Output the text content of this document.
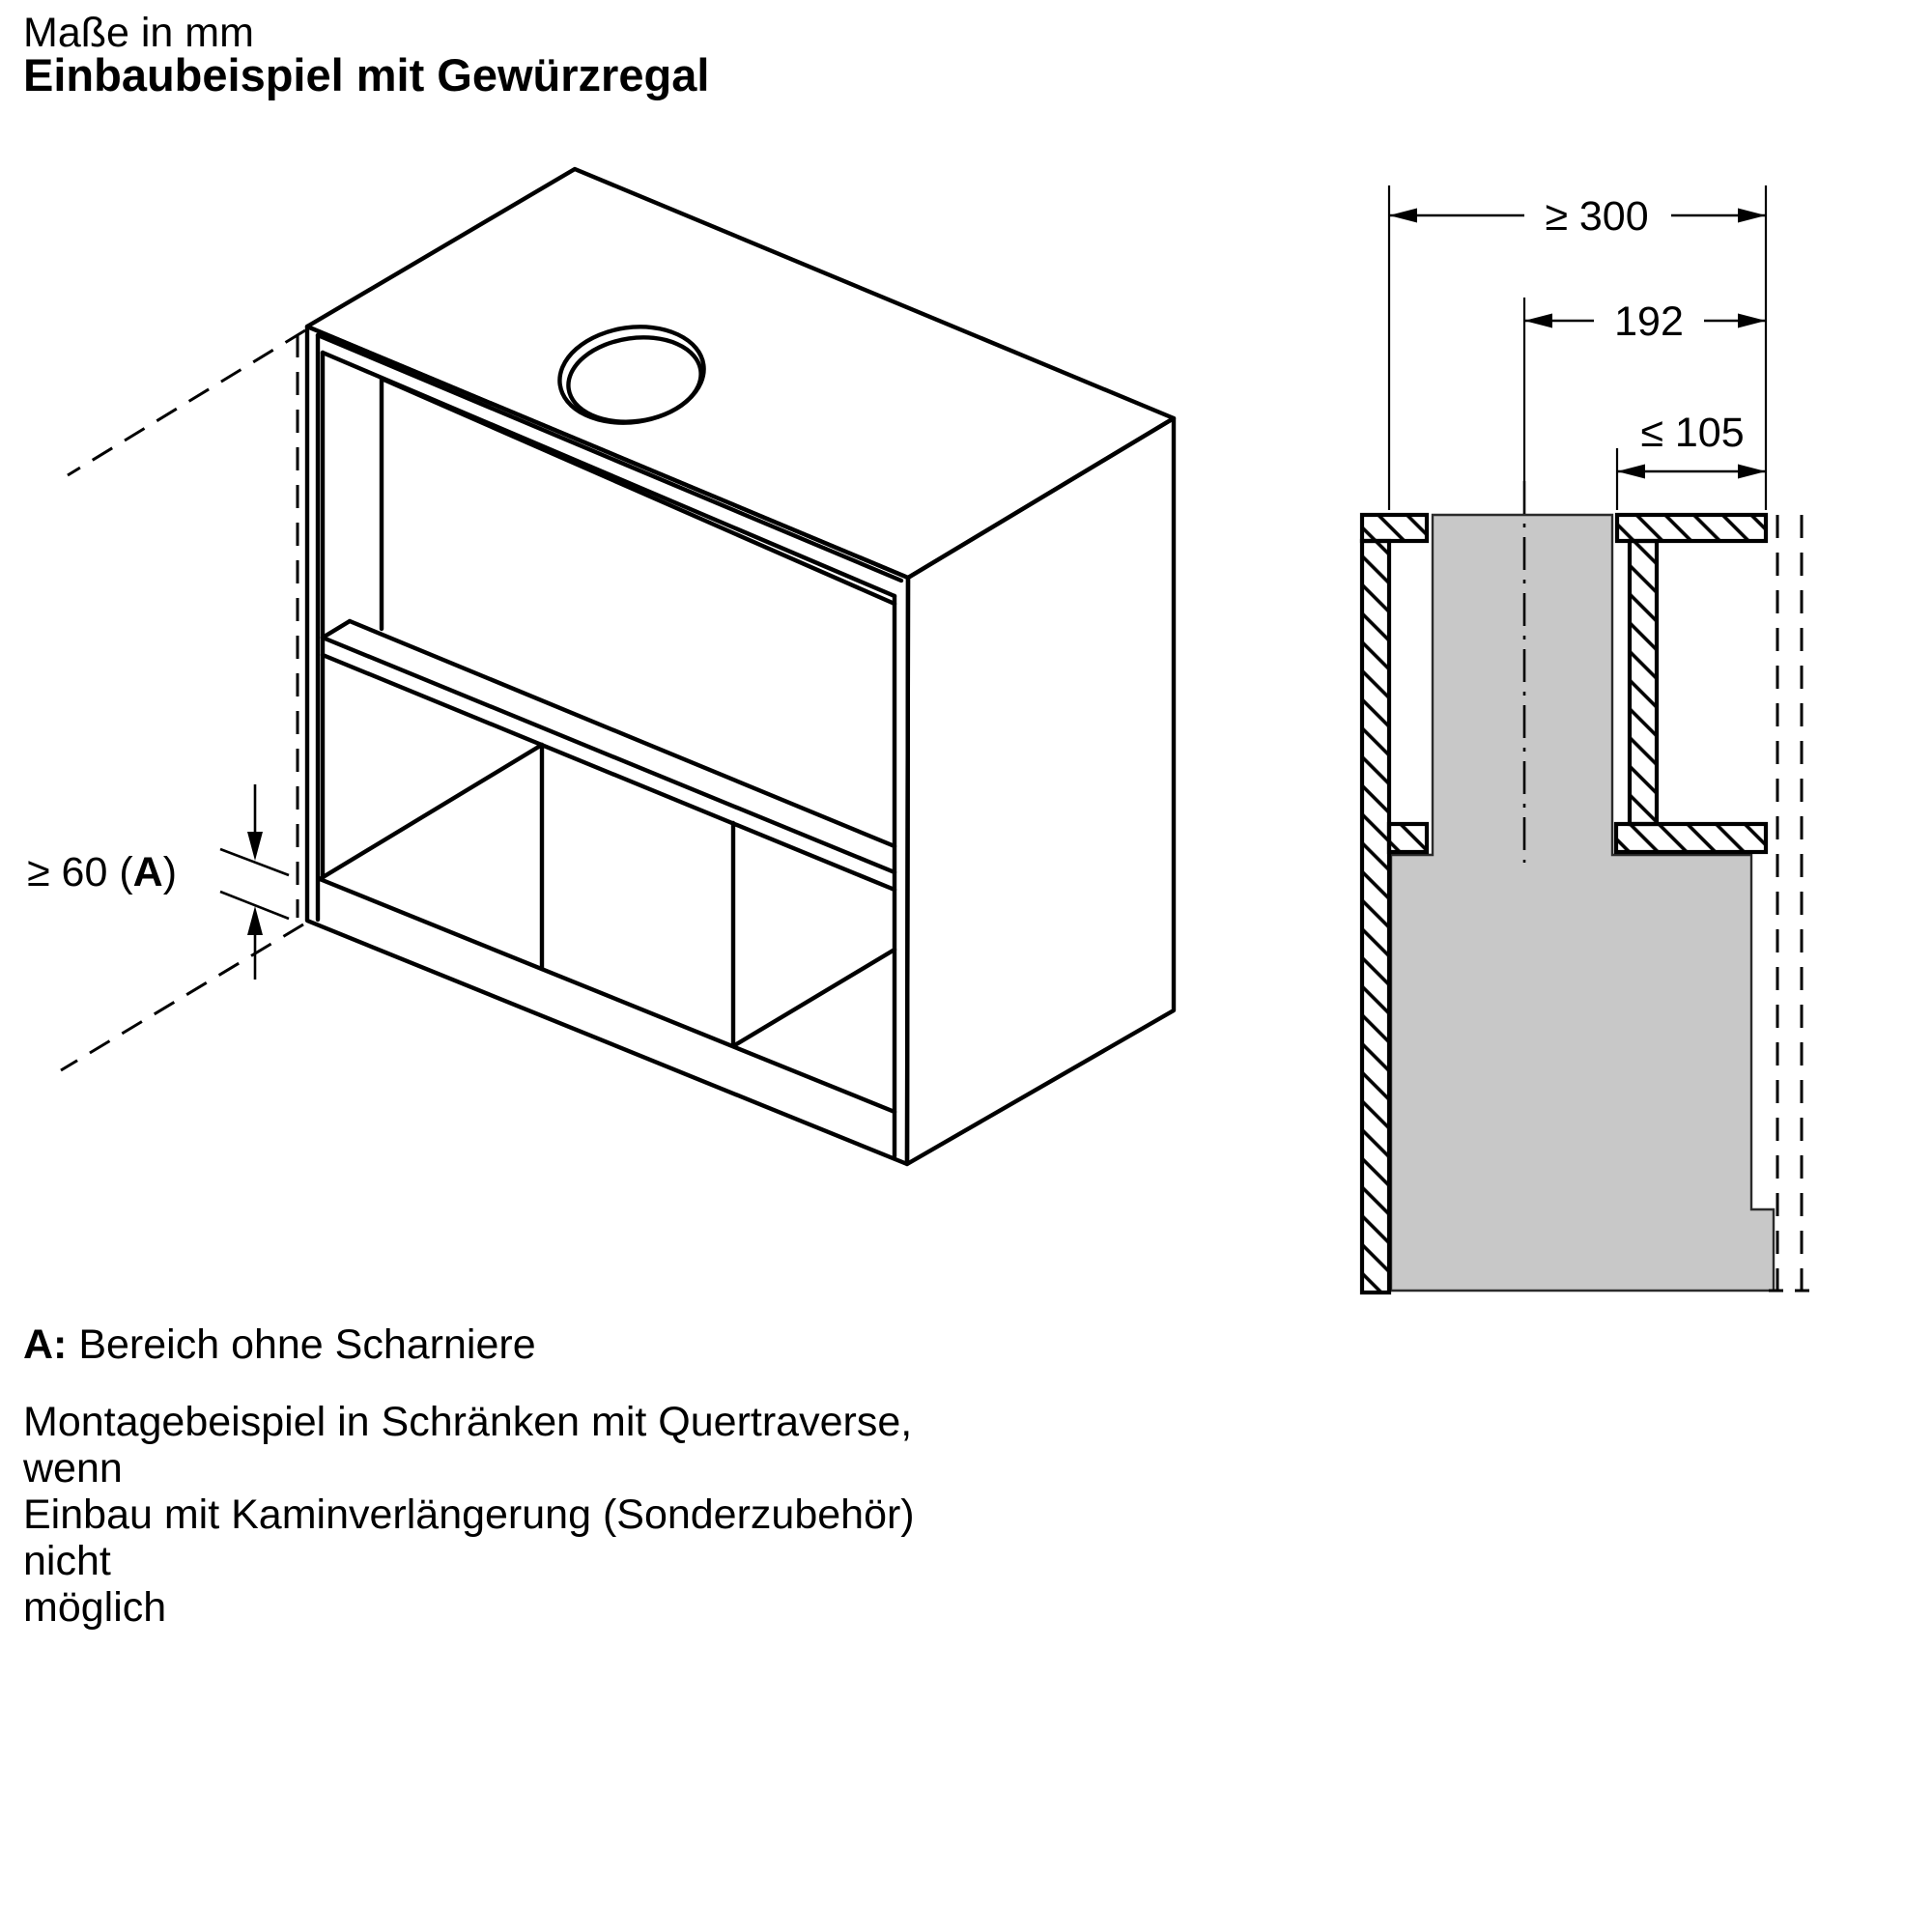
Maße in mm
Einbaubeispiel mit Gewürzregal
≥ 60 (A)
≥ 300
192
≤ 105
A: Bereich ohne Scharniere
Montagebeispiel in Schränken mit Quertraverse, wenn
Einbau mit Kaminverlängerung (Sonderzubehör) nicht
möglich
